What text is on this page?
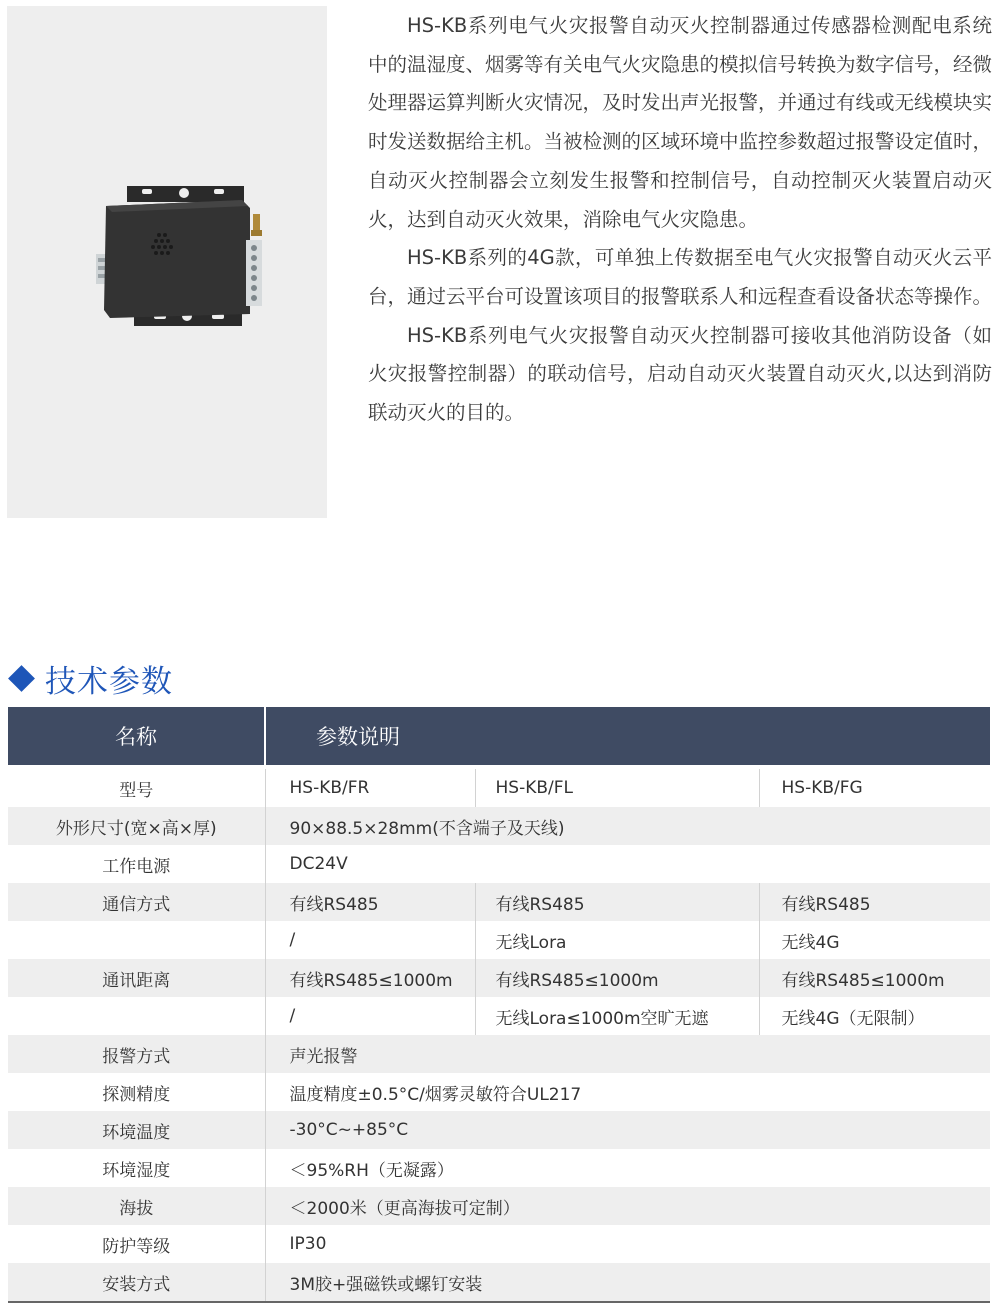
HS-KB系列电气火灾报警自动灭火控制器通过传感器检测配电系统中的温湿度、烟雾等有关电气火灾隐患的模拟信号转换为数字信号，经微处理器运算判断火灾情况，及时发出声光报警，并通过有线或无线模块实时发送数据给主机。当被检测的区域环境中监控参数超过报警设定值时，自动灭火控制器会立刻发生报警和控制信号，自动控制灭火装置启动灭火，达到自动灭火效果，消除电气火灾隐患。

HS-KB系列的4G款，可单独上传数据至电气火灾报警自动灭火云平台，通过云平台可设置该项目的报警联系人和远程查看设备状态等操作。

HS-KB系列电气火灾报警自动灭火控制器可接收其他消防设备（如火灾报警控制器）的联动信号，启动自动灭火装置自动灭火,以达到消防联动灭火的目的。

技术参数
名称	参数说明		

型号	HS-KB/FR	HS-KB/FL	HS-KB/FG
外形尺寸(宽×高×厚)	90×88.5×28mm(不含端子及天线)		
工作电源	DC24V		
通信方式	有线RS485	有线RS485	有线RS485
	/	无线Lora	无线4G
通讯距离	有线RS485≤1000m	有线RS485≤1000m	有线RS485≤1000m
	/	无线Lora≤1000m空旷无遮	无线4G（无限制）
报警方式	声光报警		
探测精度	温度精度±0.5°C/烟雾灵敏符合UL217		
环境温度	-30°C~+85°C		
环境湿度	＜95%RH（无凝露）		
海拔	＜2000米（更高海拔可定制）		
防护等级	IP30		
安装方式	3M胶+强磁铁或螺钉安装		
